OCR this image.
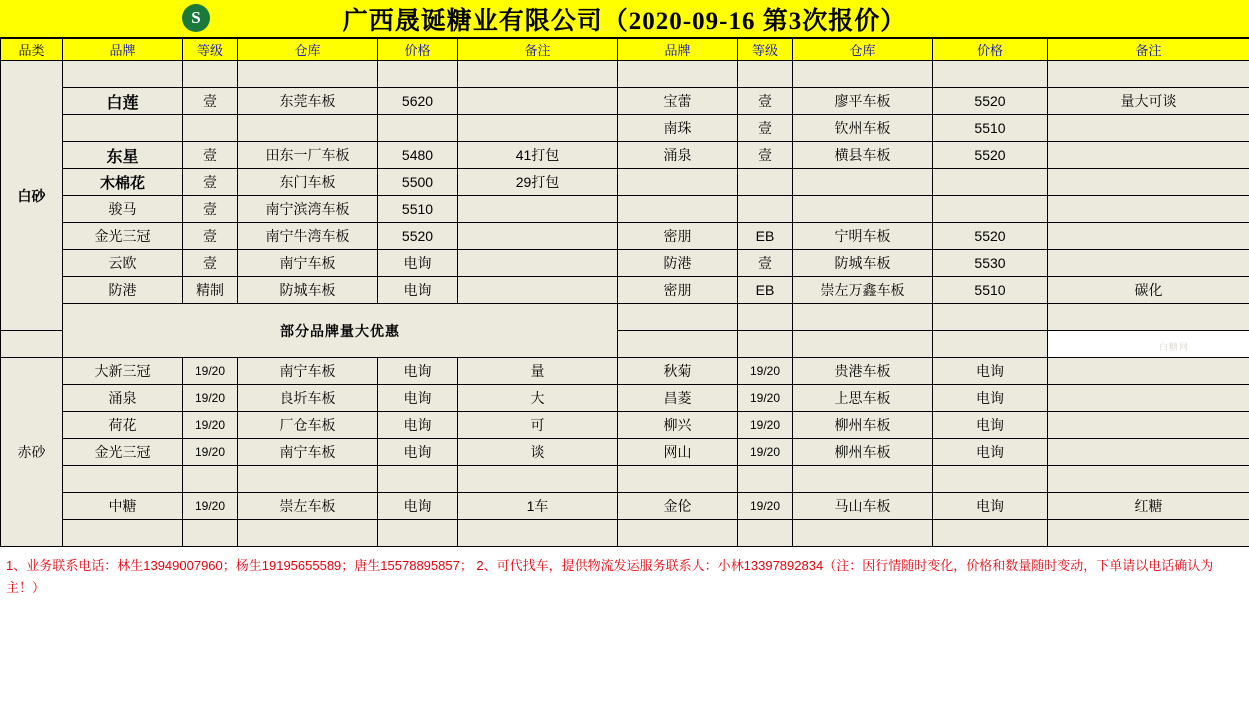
S	广西晟诞糖业有限公司（2020-09-16 第3次报价）
品类	品牌	等级	仓库	价格	备注	品牌	等级	仓库	价格	备注
白砂										
	白莲	壹	东莞车板	5620		宝蕾	壹	廖平车板	5520	量大可谈
						南珠	壹	钦州车板	5510	
	东星	壹	田东一厂车板	5480	41打包	涌泉	壹	横县车板	5520	
	木棉花	壹	东门车板	5500	29打包					
	骏马	壹	南宁滨湾车板	5510						
	金光三冠	壹	南宁牛湾车板	5520		密朋	EB	宁明车板	5520	
	云欧	壹	南宁车板	电询		防港	壹	防城车板	5530	
	防港	精制	防城车板	电询		密朋	EB	崇左万鑫车板	5510	碳化
	部分品牌量大优惠									

赤砂	大新三冠	19/20	南宁车板	电询	量	秋菊	19/20	贵港车板	电询	
	涌泉	19/20	良圻车板	电询	大	昌菱	19/20	上思车板	电询	
	荷花	19/20	厂仓车板	电询	可	柳兴	19/20	柳州车板	电询	
	金光三冠	19/20	南宁车板	电询	谈	网山	19/20	柳州车板	电询	

	中糖	19/20	崇左车板	电询	1车	金伦	19/20	马山车板	电询	红糖

1、业务联系电话：林生13949007960；杨生19195655589；唐生15578895857； 2、可代找车，提供物流发运服务联系人：小林13397892834（注：因行情随时变化，价格和数量随时变动，下单请以电话确认为主！）
白糖网
